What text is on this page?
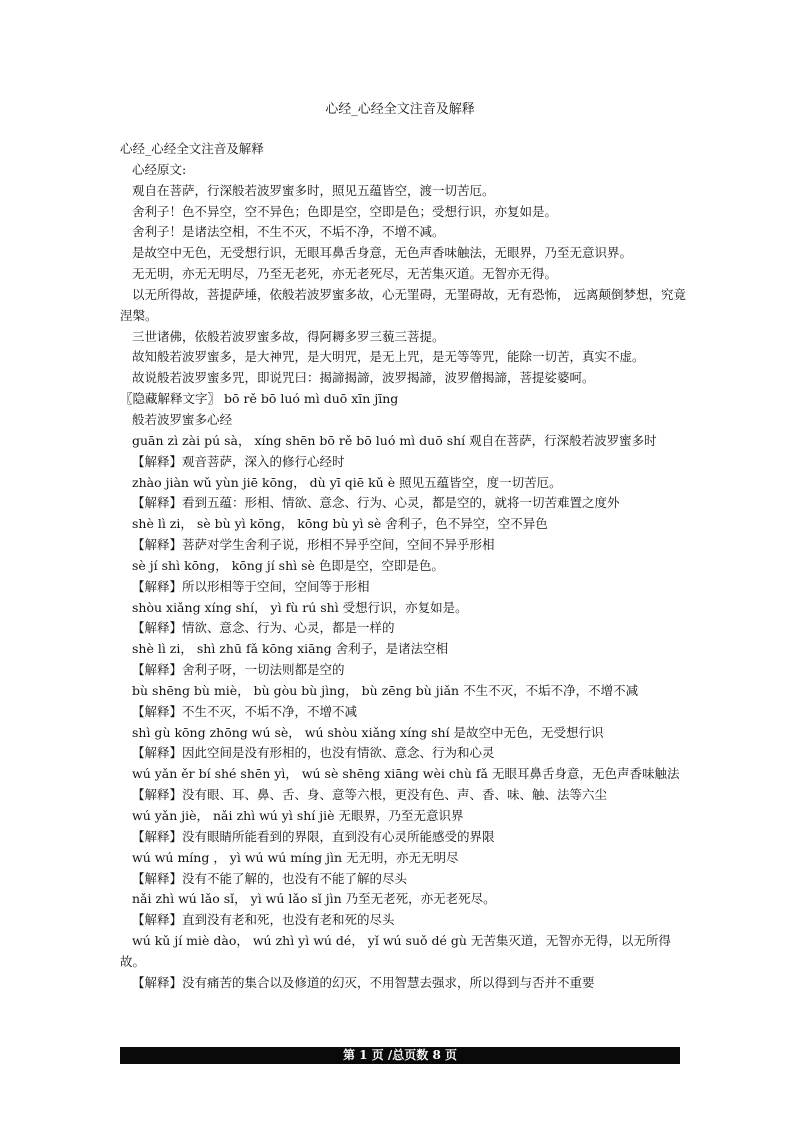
心经_心经全文注音及解释
心经_心经全文注音及解释
心经原文:
观自在菩萨，行深般若波罗蜜多时，照见五蕴皆空，渡一切苦厄。
舍利子！色不异空，空不异色；色即是空，空即是色；受想行识，亦复如是。
舍利子！是诸法空相，不生不灭，不垢不净，不增不减。
是故空中无色，无受想行识，无眼耳鼻舌身意，无色声香味触法，无眼界，乃至无意识界。
无无明，亦无无明尽，乃至无老死，亦无老死尽，无苦集灭道。无智亦无得。
以无所得故，菩提萨埵，依般若波罗蜜多故，心无罣碍，无罣碍故，无有恐怖， 远离颠倒梦想，究竟涅槃。
三世诸佛，依般若波罗蜜多故，得阿耨多罗三藐三菩提。
故知般若波罗蜜多，是大神咒，是大明咒，是无上咒，是无等等咒，能除一切苦，真实不虚。
故说般若波罗蜜多咒，即说咒曰：揭諦揭諦，波罗揭諦，波罗僧揭諦，菩提娑婆呵。
〖隐藏解释文字〗 bō rě bō luó mì duō xīn jīng
般若波罗蜜多心经
guān zì zài pú sà， xíng shēn bō rě bō luó mì duō shí 观自在菩萨，行深般若波罗蜜多时
【解释】观音菩萨，深入的修行心经时
zhào jiàn wǔ yùn jiē kōng， dù yī qiē kǔ è 照见五蕴皆空，度一切苦厄。
【解释】看到五蕴：形相、情欲、意念、行为、心灵，都是空的，就将一切苦难置之度外
shè lì zi， sè bù yì kōng， kōng bù yì sè 舍利子，色不异空，空不异色
【解释】菩萨对学生舍利子说，形相不异乎空间，空间不异乎形相
sè jí shì kōng， kōng jí shì sè 色即是空，空即是色。
【解释】所以形相等于空间，空间等于形相
shòu xiǎng xíng shí， yì fù rú shì 受想行识，亦复如是。
【解释】情欲、意念、行为、心灵，都是一样的
shè lì zi， shì zhū fǎ kōng xiāng 舍利子，是诸法空相
【解释】舍利子呀，一切法则都是空的
bù shēng bù miè， bù gòu bù jìng， bù zēng bù jiǎn 不生不灭，不垢不净，不增不减
【解释】不生不灭，不垢不净，不增不减
shì gù kōng zhōng wú sè， wú shòu xiǎng xíng shí 是故空中无色，无受想行识
【解释】因此空间是没有形相的，也没有情欲、意念、行为和心灵
wú yǎn ěr bí shé shēn yì， wú sè shēng xiāng wèi chù fǎ 无眼耳鼻舌身意，无色声香味触法
【解释】没有眼、耳、鼻、舌、身、意等六根，更没有色、声、香、味、触、法等六尘
wú yǎn jiè， nǎi zhì wú yì shí jiè 无眼界，乃至无意识界
【解释】没有眼睛所能看到的界限，直到没有心灵所能感受的界限
wú wú míng ， yì wú wú míng jìn 无无明，亦无无明尽
【解释】没有不能了解的，也没有不能了解的尽头
nǎi zhì wú lǎo sǐ， yì wú lǎo sǐ jìn 乃至无老死，亦无老死尽。
【解释】直到没有老和死，也没有老和死的尽头
wú kǔ jí miè dào， wú zhì yì wú dé， yǐ wú suǒ dé gù 无苦集灭道，无智亦无得，以无所得故。
【解释】没有痛苦的集合以及修道的幻灭，不用智慧去强求，所以得到与否并不重要
第 1 页 /总页数 8 页
